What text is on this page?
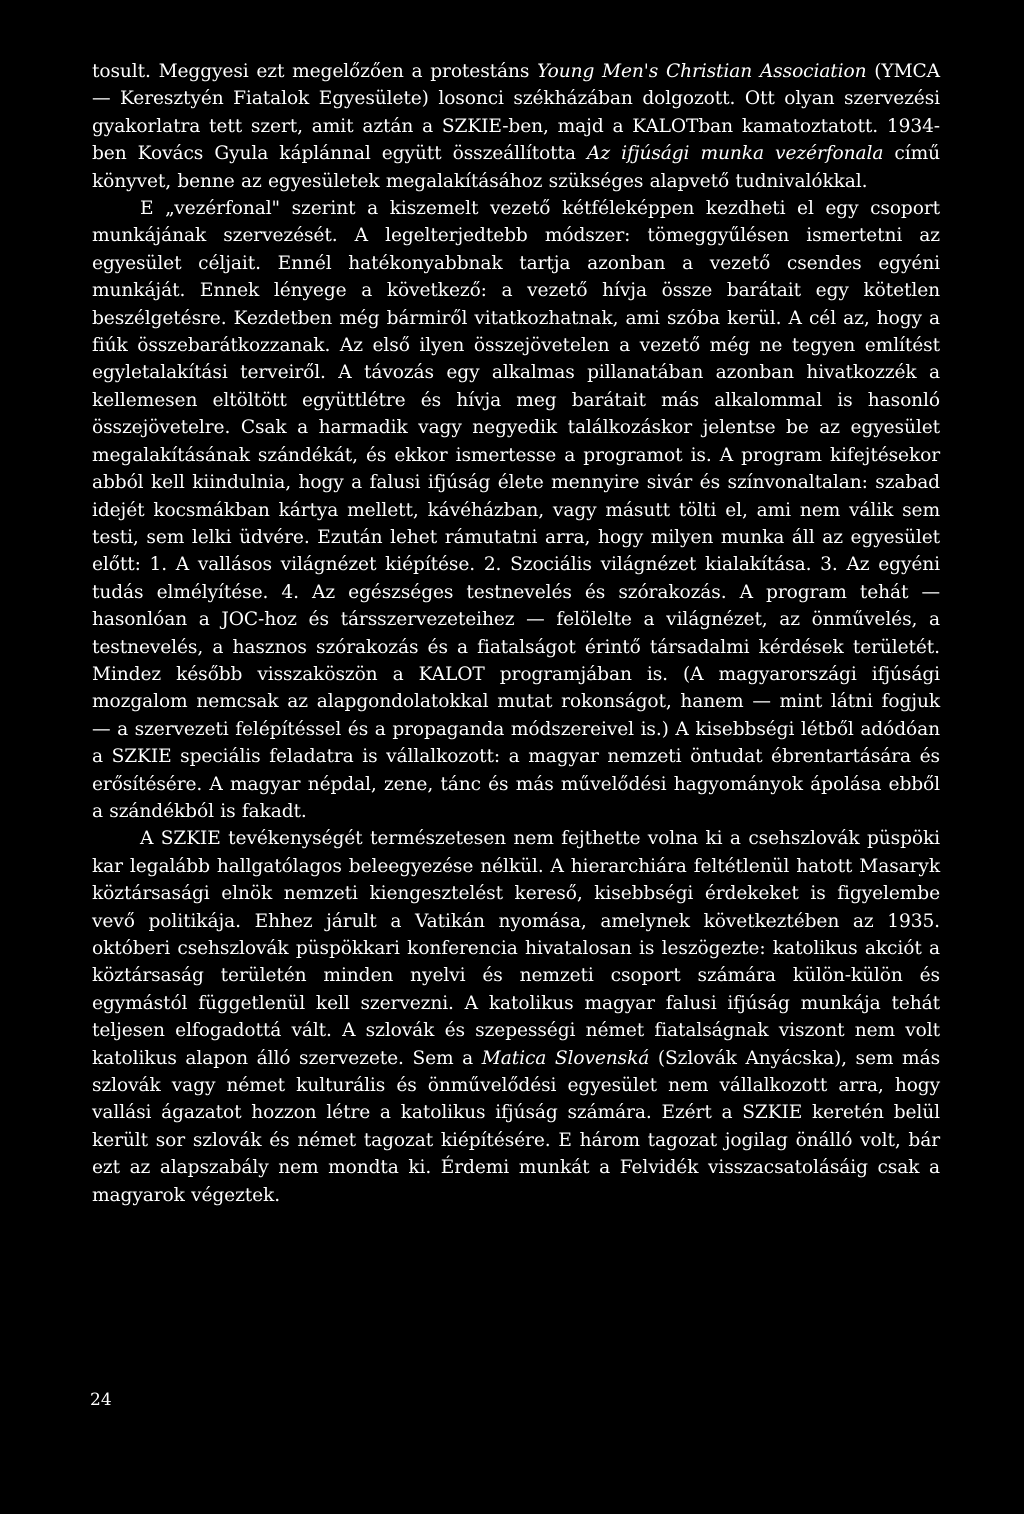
tosult. Meggyesi ezt megelőzően a protestáns Young Men's Christian Association (YMCA — Keresztyén Fiatalok Egyesülete) losonci székházában dolgozott. Ott olyan szervezési gyakorlatra tett szert, amit aztán a SZKIE-ben, majd a KALOTban kamatoztatott. 1934-ben Kovács Gyula káplánnal együtt összeállította Az ifjúsági munka vezérfonala című könyvet, benne az egyesületek megalakításához szükséges alapvető tudnivalókkal.

E „vezérfonal" szerint a kiszemelt vezető kétféleképpen kezdheti el egy csoport munkájának szervezését. A legelterjedtebb módszer: tömeggyűlésen ismertetni az egyesület céljait. Ennél hatékonyabbnak tartja azonban a vezető csendes egyéni munkáját. Ennek lényege a következő: a vezető hívja össze barátait egy kötetlen beszélgetésre. Kezdetben még bármiről vitatkozhatnak, ami szóba kerül. A cél az, hogy a fiúk összebarátkozzanak. Az első ilyen összejövetelen a vezető még ne tegyen említést egyletalakítási terveiről. A távozás egy alkalmas pillanatában azonban hivatkozzék a kellemesen eltöltött együttlétre és hívja meg barátait más alkalommal is hasonló összejövetelre. Csak a harmadik vagy negyedik találkozáskor jelentse be az egyesület megalakításának szándékát, és ekkor ismertesse a programot is. A program kifejtésekor abból kell kiindulnia, hogy a falusi ifjúság élete mennyire sivár és színvonaltalan: szabad idejét kocsmákban kártya mellett, kávéházban, vagy másutt tölti el, ami nem válik sem testi, sem lelki üdvére. Ezután lehet rámutatni arra, hogy milyen munka áll az egyesület előtt: 1. A vallásos világnézet kiépítése. 2. Szociális világnézet kialakítása. 3. Az egyéni tudás elmélyítése. 4. Az egészséges testnevelés és szórakozás. A program tehát — hasonlóan a JOC-hoz és társszervezeteihez — felölelte a világnézet, az önművelés, a testnevelés, a hasznos szórakozás és a fiatalságot érintő társadalmi kérdések területét. Mindez később visszaköszön a KALOT programjában is. (A magyarországi ifjúsági mozgalom nemcsak az alapgondolatokkal mutat rokonságot, hanem — mint látni fogjuk — a szervezeti felépítéssel és a propaganda módszereivel is.) A kisebbségi létből adódóan a SZKIE speciális feladatra is vállalkozott: a magyar nemzeti öntudat ébrentartására és erősítésére. A magyar népdal, zene, tánc és más művelődési hagyományok ápolása ebből a szándékból is fakadt.

A SZKIE tevékenységét természetesen nem fejthette volna ki a csehszlovák püspöki kar legalább hallgatólagos beleegyezése nélkül. A hierarchiára feltétlenül hatott Masaryk köztársasági elnök nemzeti kiengesztelést kereső, kisebbségi érdekeket is figyelembe vevő politikája. Ehhez járult a Vatikán nyomása, amelynek következtében az 1935. októberi csehszlovák püspökkari konferencia hivatalosan is leszögezte: katolikus akciót a köztársaság területén minden nyelvi és nemzeti csoport számára külön-külön és egymástól függetlenül kell szervezni. A katolikus magyar falusi ifjúság munkája tehát teljesen elfogadottá vált. A szlovák és szepességi német fiatalságnak viszont nem volt katolikus alapon álló szervezete. Sem a Matica Slovenská (Szlovák Anyácska), sem más szlovák vagy német kulturális és önművelődési egyesület nem vállalkozott arra, hogy vallási ágazatot hozzon létre a katolikus ifjúság számára. Ezért a SZKIE keretén belül került sor szlovák és német tagozat kiépítésére. E három tagozat jogilag önálló volt, bár ezt az alapszabály nem mondta ki. Érdemi munkát a Felvidék visszacsatolásáig csak a magyarok végeztek.

24
